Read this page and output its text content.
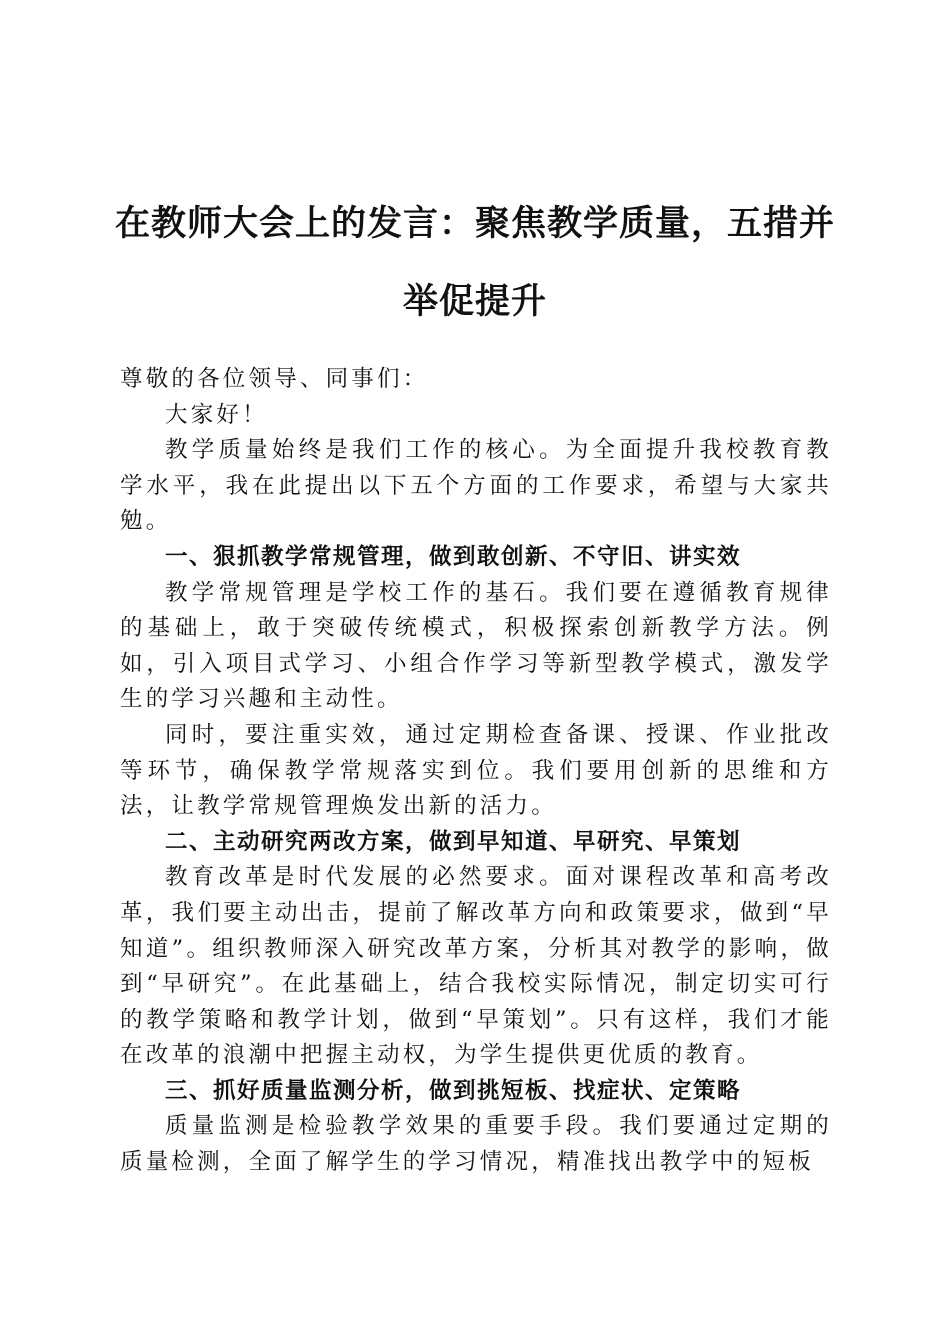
在教师大会上的发言：聚焦教学质量，五措并举促提升

尊敬的各位领导、同事们：

大家好！

教学质量始终是我们工作的核心。为全面提升我校教育教学水平，我在此提出以下五个方面的工作要求，希望与大家共勉。

一、狠抓教学常规管理，做到敢创新、不守旧、讲实效

教学常规管理是学校工作的基石。我们要在遵循教育规律的基础上，敢于突破传统模式，积极探索创新教学方法。例如，引入项目式学习、小组合作学习等新型教学模式，激发学生的学习兴趣和主动性。

同时，要注重实效，通过定期检查备课、授课、作业批改等环节，确保教学常规落实到位。我们要用创新的思维和方法，让教学常规管理焕发出新的活力。

二、主动研究两改方案，做到早知道、早研究、早策划

教育改革是时代发展的必然要求。面对课程改革和高考改革，我们要主动出击，提前了解改革方向和政策要求，做到“早知道”。组织教师深入研究改革方案，分析其对教学的影响，做到“早研究”。在此基础上，结合我校实际情况，制定切实可行的教学策略和教学计划，做到“早策划”。只有这样，我们才能在改革的浪潮中把握主动权，为学生提供更优质的教育。

三、抓好质量监测分析，做到挑短板、找症状、定策略

质量监测是检验教学效果的重要手段。我们要通过定期的质量检测，全面了解学生的学习情况，精准找出教学中的短板
